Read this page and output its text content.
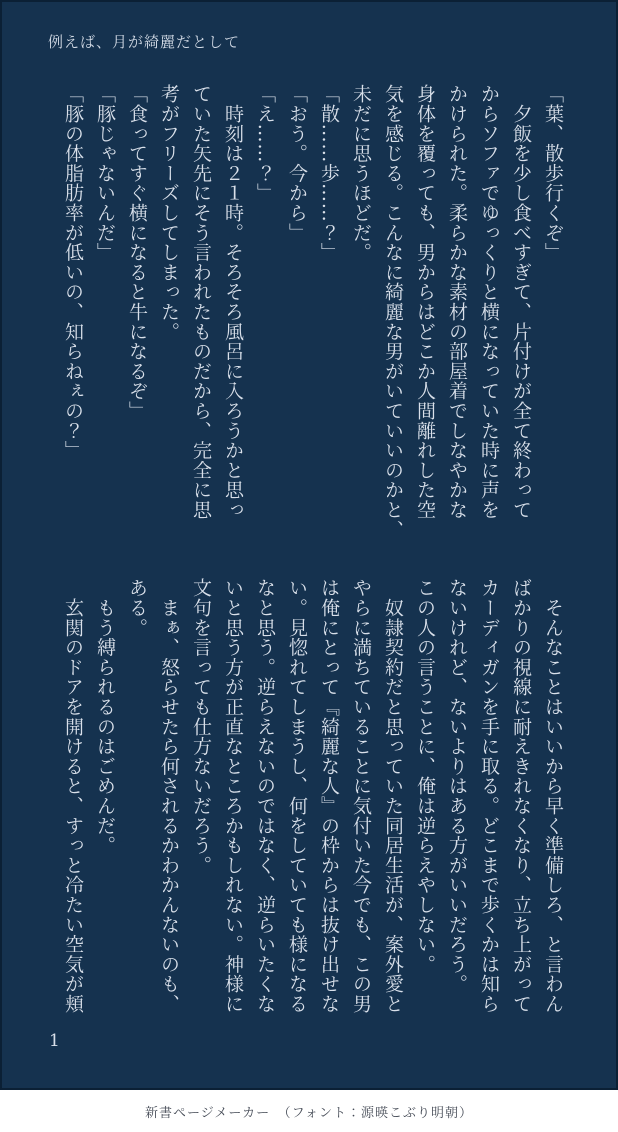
例えば、月が綺麗だとして
「葉、散歩行くぞ」
　夕飯を少し食べすぎて、片付けが全て終わって
からソファでゆっくりと横になっていた時に声を
かけられた。柔らかな素材の部屋着でしなやかな
身体を覆っても、男からはどこか人間離れした空
気を感じる。こんなに綺麗な男がいていいのかと、
未だに思うほどだ。
「散……歩……？」
「おう。今から」
「え……？」
　時刻は２１時。そろそろ風呂に入ろうかと思っ
ていた矢先にそう言われたものだから、完全に思
考がフリーズしてしまった。
「食ってすぐ横になると牛になるぞ」
「豚じゃないんだ」
「豚の体脂肪率が低いの、知らねぇの？」
　そんなことはいいから早く準備しろ、と言わん
ばかりの視線に耐えきれなくなり、立ち上がって
カーディガンを手に取る。どこまで歩くかは知ら
ないけれど、ないよりはある方がいいだろう。
この人の言うことに、俺は逆らえやしない。
　奴隷契約だと思っていた同居生活が、案外愛と
やらに満ちていることに気付いた今でも、この男
は俺にとって『綺麗な人』の枠からは抜け出せな
い。見惚れてしまうし、何をしていても様になる
なと思う。逆らえないのではなく、逆らいたくな
いと思う方が正直なところかもしれない。神様に
文句を言っても仕方ないだろう。
　まぁ、怒らせたら何されるかわかんないのも、
ある。
　もう縛られるのはごめんだ。
　玄関のドアを開けると、すっと冷たい空気が頬
1
新書ページメーカー　（フォント：源暎こぶり明朝）
